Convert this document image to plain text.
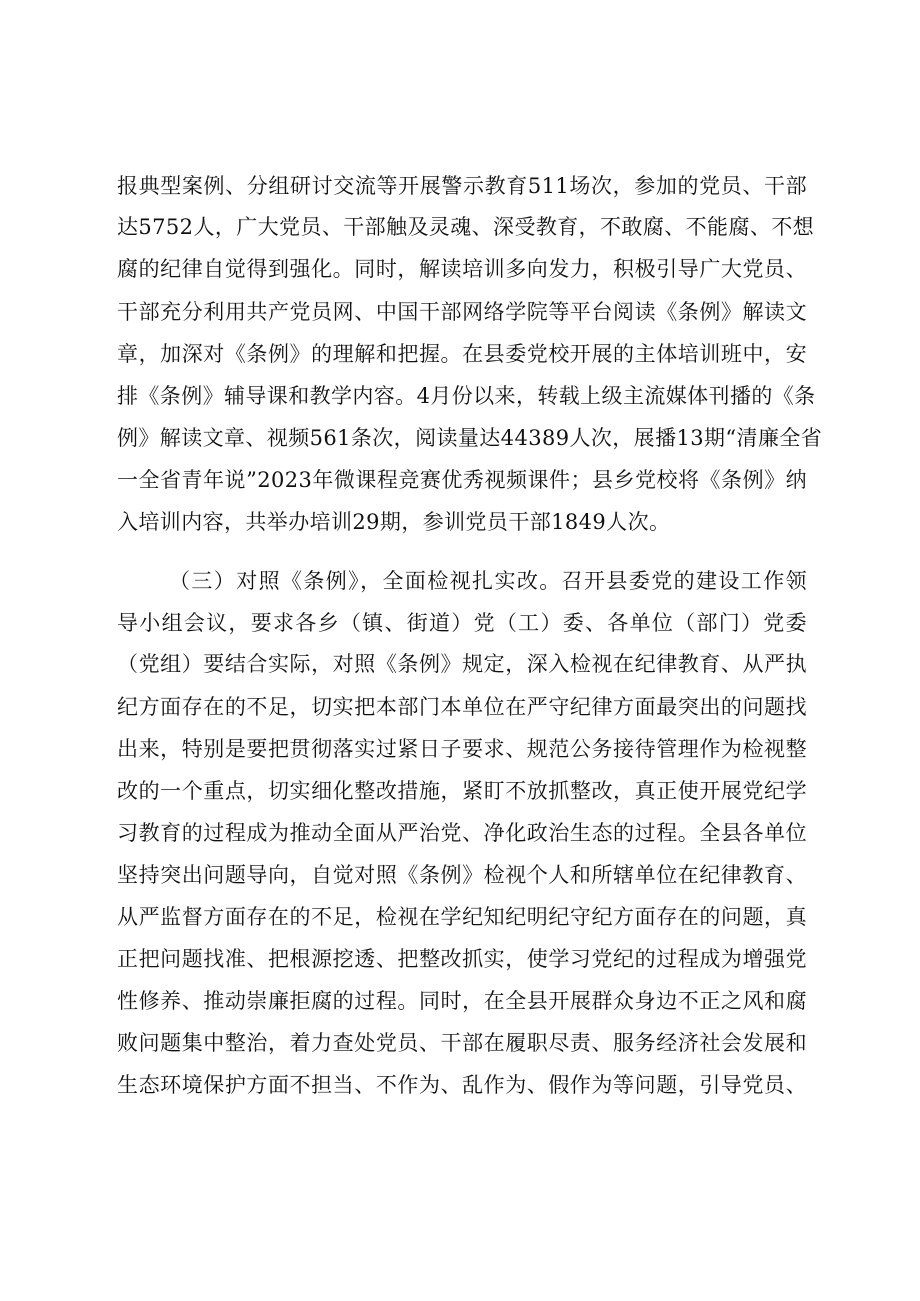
报典型案例、分组研讨交流等开展警示教育511场次，参加的党员、干部
达5752人，广大党员、干部触及灵魂、深受教育，不敢腐、不能腐、不想
腐的纪律自觉得到强化。同时，解读培训多向发力，积极引导广大党员、
干部充分利用共产党员网、中国干部网络学院等平台阅读《条例》解读文
章，加深对《条例》的理解和把握。在县委党校开展的主体培训班中，安
排《条例》辅导课和教学内容。4月份以来，转载上级主流媒体刊播的《条
例》解读文章、视频561条次，阅读量达44389人次，展播13期“清廉全省
一全省青年说”2023年微课程竞赛优秀视频课件；县乡党校将《条例》纳
入培训内容，共举办培训29期，参训党员干部1849人次。
（三）对照《条例》，全面检视扎实改。召开县委党的建设工作领
导小组会议，要求各乡（镇、街道）党（工）委、各单位（部门）党委
（党组）要结合实际，对照《条例》规定，深入检视在纪律教育、从严执
纪方面存在的不足，切实把本部门本单位在严守纪律方面最突出的问题找
出来，特别是要把贯彻落实过紧日子要求、规范公务接待管理作为检视整
改的一个重点，切实细化整改措施，紧盯不放抓整改，真正使开展党纪学
习教育的过程成为推动全面从严治党、净化政治生态的过程。全县各单位
坚持突出问题导向，自觉对照《条例》检视个人和所辖单位在纪律教育、
从严监督方面存在的不足，检视在学纪知纪明纪守纪方面存在的问题，真
正把问题找准、把根源挖透、把整改抓实，使学习党纪的过程成为增强党
性修养、推动崇廉拒腐的过程。同时，在全县开展群众身边不正之风和腐
败问题集中整治，着力查处党员、干部在履职尽责、服务经济社会发展和
生态环境保护方面不担当、不作为、乱作为、假作为等问题，引导党员、
